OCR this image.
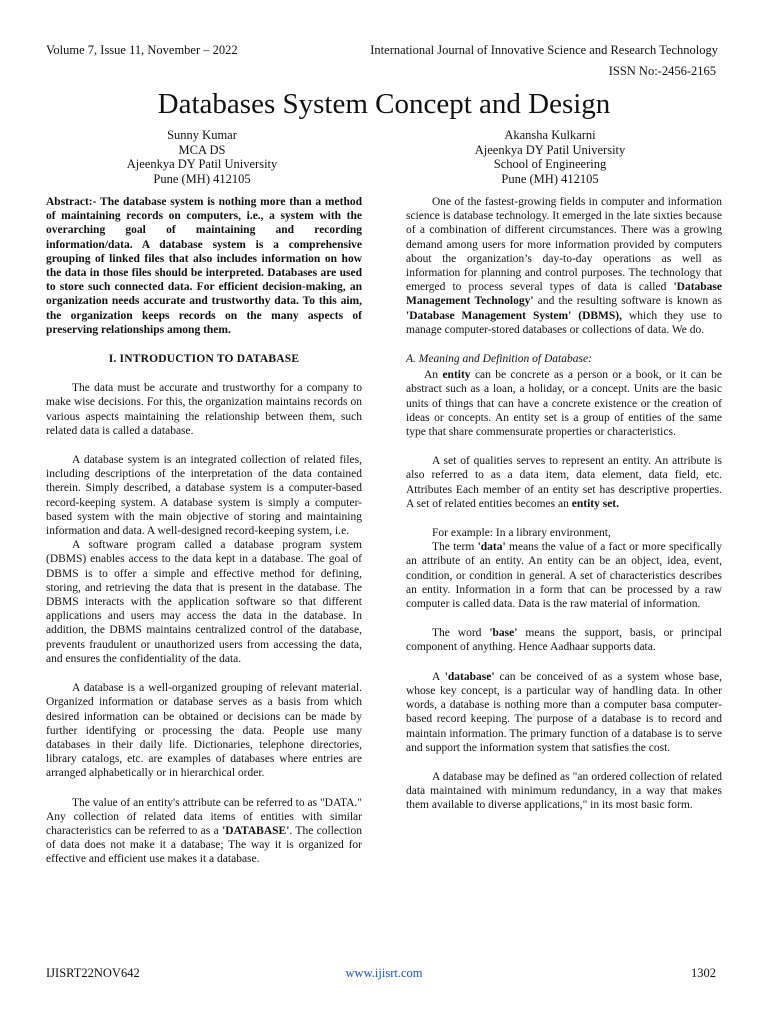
Volume 7, Issue 11, November – 2022	International Journal of Innovative Science and Research Technology
ISSN No:-2456-2165
Databases System Concept and Design
Sunny Kumar
MCA DS
Ajeenkya DY Patil University
Pune (MH) 412105
Akansha Kulkarni
Ajeenkya DY Patil University
School of Engineering
Pune (MH) 412105

Abstract:- The database system is nothing more than a method of maintaining records on computers, i.e., a system with the overarching goal of maintaining and recording information/data. A database system is a comprehensive grouping of linked files that also includes information on how the data in those files should be interpreted. Databases are used to store such connected data. For efficient decision-making, an organization needs accurate and trustworthy data. To this aim, the organization keeps records on the many aspects of preserving relationships among them.

I. INTRODUCTION TO DATABASE

The data must be accurate and trustworthy for a company to make wise decisions. For this, the organization maintains records on various aspects maintaining the relationship between them, such related data is called a database.

A database system is an integrated collection of related files, including descriptions of the interpretation of the data contained therein. Simply described, a database system is a computer-based record-keeping system. A database system is simply a computer-based system with the main objective of storing and maintaining information and data. A well-designed record-keeping system, i.e.

A software program called a database program system (DBMS) enables access to the data kept in a database. The goal of DBMS is to offer a simple and effective method for defining, storing, and retrieving the data that is present in the database. The DBMS interacts with the application software so that different applications and users may access the data in the database. In addition, the DBMS maintains centralized control of the database, prevents fraudulent or unauthorized users from accessing the data, and ensures the confidentiality of the data.

A database is a well-organized grouping of relevant material. Organized information or database serves as a basis from which desired information can be obtained or decisions can be made by further identifying or processing the data. People use many databases in their daily life. Dictionaries, telephone directories, library catalogs, etc. are examples of databases where entries are arranged alphabetically or in hierarchical order.

The value of an entity's attribute can be referred to as "DATA." Any collection of related data items of entities with similar characteristics can be referred to as a 'DATABASE'. The collection of data does not make it a database; The way it is organized for effective and efficient use makes it a database.

One of the fastest-growing fields in computer and information science is database technology. It emerged in the late sixties because of a combination of different circumstances. There was a growing demand among users for more information provided by computers about the organization’s day-to-day operations as well as information for planning and control purposes. The technology that emerged to process several types of data is called 'Database Management Technology' and the resulting software is known as 'Database Management System' (DBMS), which they use to manage computer-stored databases or collections of data. We do.

A. Meaning and Definition of Database:

An entity can be concrete as a person or a book, or it can be abstract such as a loan, a holiday, or a concept. Units are the basic units of things that can have a concrete existence or the creation of ideas or concepts. An entity set is a group of entities of the same type that share commensurate properties or characteristics.

A set of qualities serves to represent an entity. An attribute is also referred to as a data item, data element, data field, etc. Attributes Each member of an entity set has descriptive properties. A set of related entities becomes an entity set.

For example: In a library environment,

The term 'data' means the value of a fact or more specifically an attribute of an entity. An entity can be an object, idea, event, condition, or condition in general. A set of characteristics describes an entity. Information in a form that can be processed by a raw computer is called data. Data is the raw material of information.

The word 'base' means the support, basis, or principal component of anything. Hence Aadhaar supports data.

A 'database' can be conceived of as a system whose base, whose key concept, is a particular way of handling data. In other words, a database is nothing more than a computer basa computer-based record keeping. The purpose of a database is to record and maintain information. The primary function of a database is to serve and support the information system that satisfies the cost.

A database may be defined as "an ordered collection of related data maintained with minimum redundancy, in a way that makes them available to diverse applications," in its most basic form.

IJISRT22NOV642	www.ijisrt.com	1302
